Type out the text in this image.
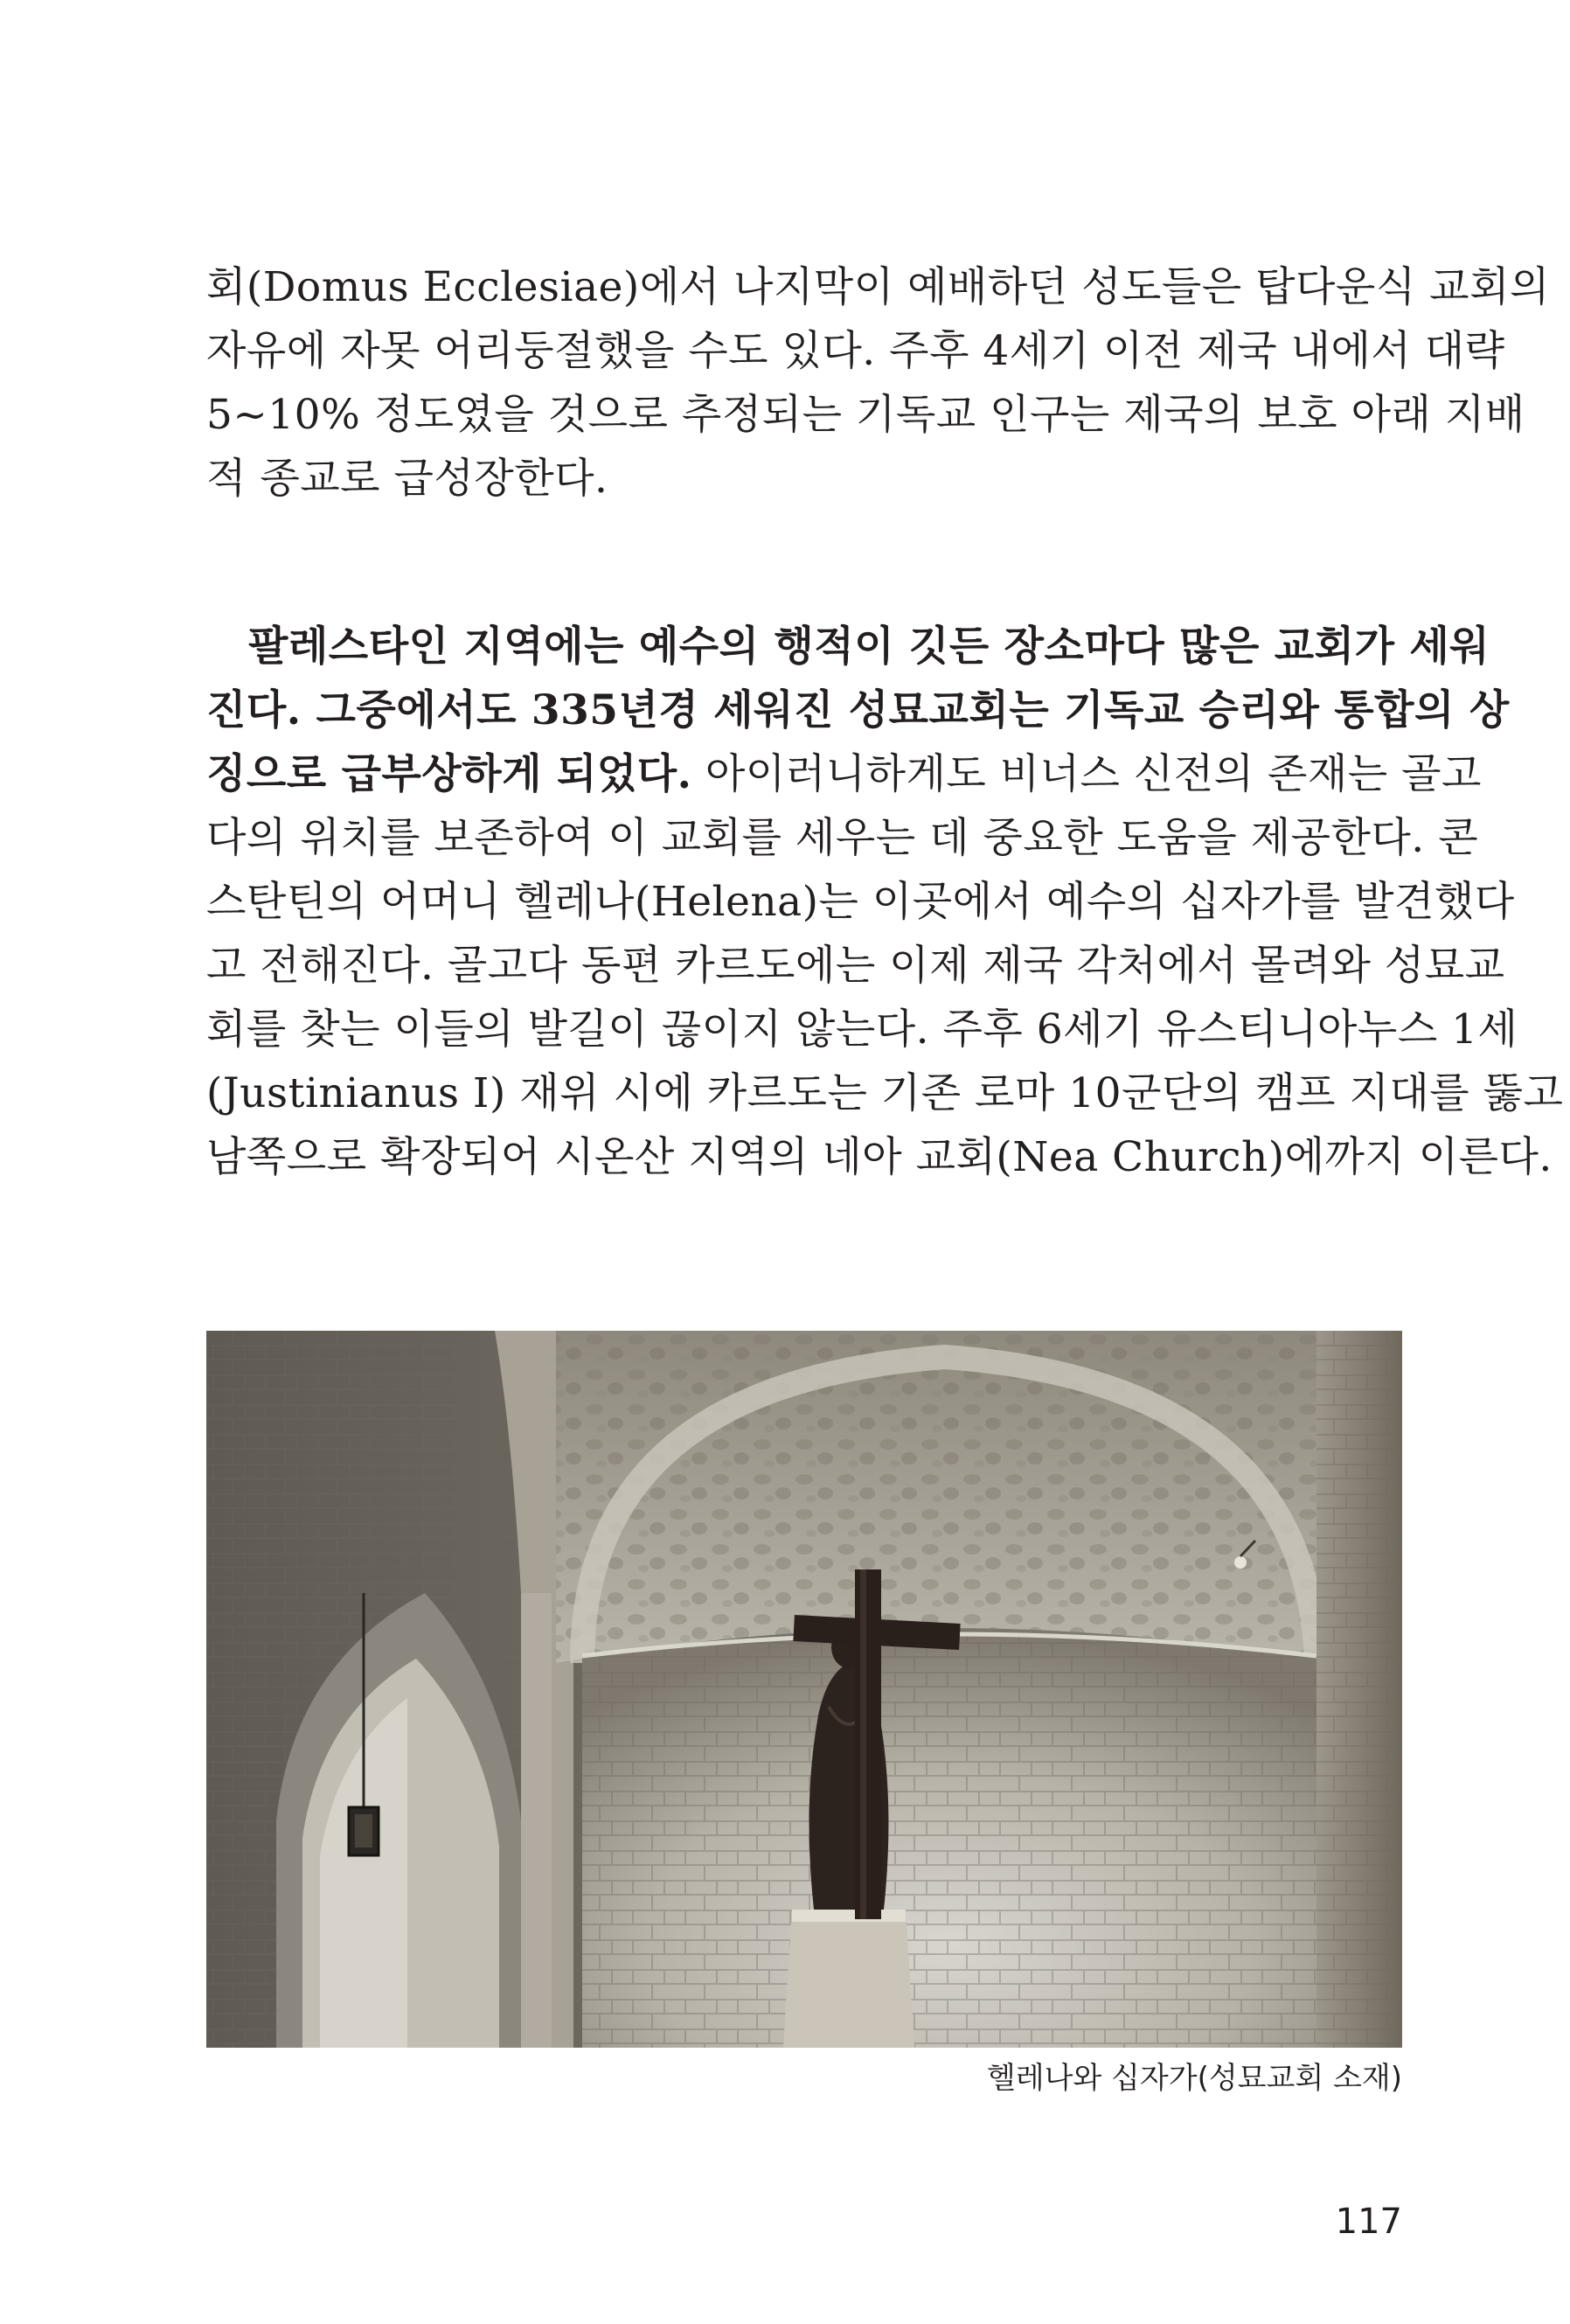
회(Domus Ecclesiae)에서 나지막이 예배하던 성도들은 탑다운식 교회의
자유에 자못 어리둥절했을 수도 있다. 주후 4세기 이전 제국 내에서 대략
5~10% 정도였을 것으로 추정되는 기독교 인구는 제국의 보호 아래 지배
적 종교로 급성장한다.
팔레스타인 지역에는 예수의 행적이 깃든 장소마다 많은 교회가 세워
진다. 그중에서도 335년경 세워진 성묘교회는 기독교 승리와 통합의 상
징으로 급부상하게 되었다. 아이러니하게도 비너스 신전의 존재는 골고
다의 위치를 보존하여 이 교회를 세우는 데 중요한 도움을 제공한다. 콘
스탄틴의 어머니 헬레나(Helena)는 이곳에서 예수의 십자가를 발견했다
고 전해진다. 골고다 동편 카르도에는 이제 제국 각처에서 몰려와 성묘교
회를 찾는 이들의 발길이 끊이지 않는다. 주후 6세기 유스티니아누스 1세
(Justinianus I) 재위 시에 카르도는 기존 로마 10군단의 캠프 지대를 뚫고
남쪽으로 확장되어 시온산 지역의 네아 교회(Nea Church)에까지 이른다.
헬레나와 십자가(성묘교회 소재)
117
